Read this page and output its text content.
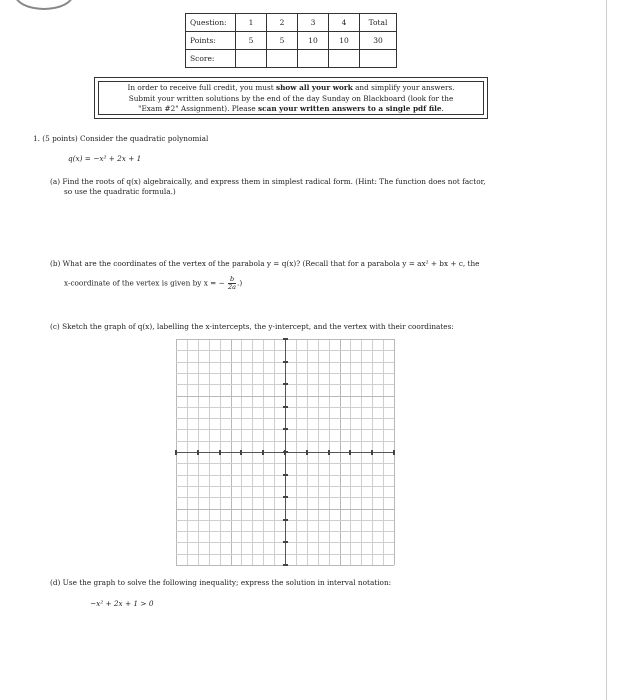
Question:	1	2	3	4	Total
Points:	5	5	10	10	30
Score:					
In order to receive full credit, you must show all your work and simplify your answers.
Submit your written solutions by the end of the day Sunday on Blackboard (look for the
"Exam #2" Assignment). Please scan your written answers to a single pdf file.
1. (5 points) Consider the quadratic polynomial
q(x) = −x² + 2x + 1
(a) Find the roots of q(x) algebraically, and express them in simplest radical form. (Hint: The function does not factor,
so use the quadratic formula.)
(b) What are the coordinates of the vertex of the parabola y = q(x)? (Recall that for a parabola y = ax² + bx + c, the
x-coordinate of the vertex is given by x = − $\frac{b}{2a}$ .)
(c) Sketch the graph of q(x), labelling the x-intercepts, the y-intercept, and the vertex with their coordinates:
(d) Use the graph to solve the following inequality; express the solution in interval notation:
−x² + 2x + 1 > 0
